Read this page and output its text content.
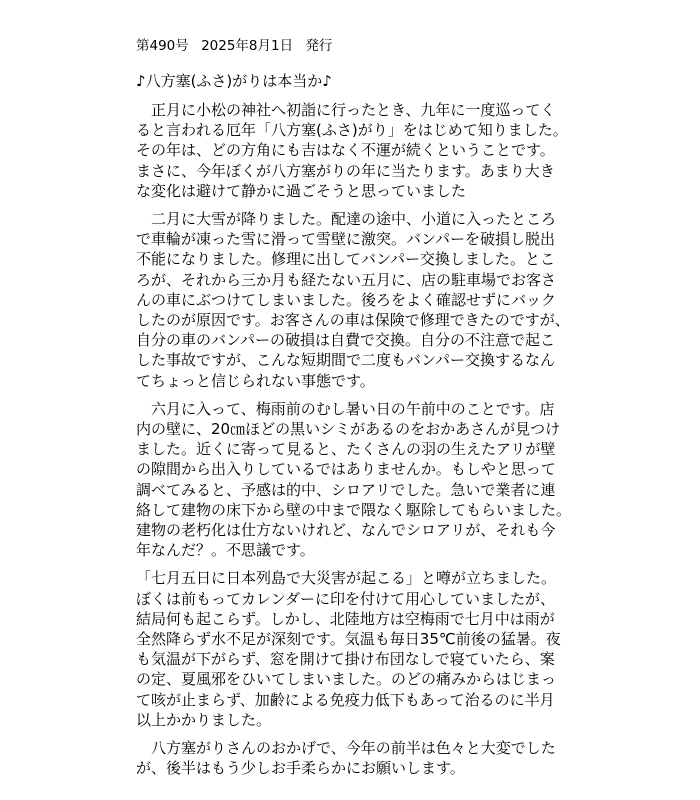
第490号 2025年8月1日 発行

♪八方塞(ふさ)がりは本当か♪

　正月に小松の神社へ初詣に行ったとき、九年に一度巡ってく
ると言われる厄年「八方塞(ふさ)がり」をはじめて知りました。
その年は、どの方角にも吉はなく不運が続くということです。
まさに、今年ぼくが八方塞がりの年に当たります。あまり大き
な変化は避けて静かに過ごそうと思っていました

　二月に大雪が降りました。配達の途中、小道に入ったところ
で車輪が凍った雪に滑って雪壁に激突。バンパーを破損し脱出
不能になりました。修理に出してバンパー交換しました。とこ
ろが、それから三か月も経たない五月に、店の駐車場でお客さ
んの車にぶつけてしまいました。後ろをよく確認せずにバック
したのが原因です。お客さんの車は保険で修理できたのですが、
自分の車のバンパーの破損は自費で交換。自分の不注意で起こ
した事故ですが、こんな短期間で二度もバンパー交換するなん
てちょっと信じられない事態です。

　六月に入って、梅雨前のむし暑い日の午前中のことです。店
内の壁に、20㎝ほどの黒いシミがあるのをおかあさんが見つけ
ました。近くに寄って見ると、たくさんの羽の生えたアリが壁
の隙間から出入りしているではありませんか。もしやと思って
調べてみると、予感は的中、シロアリでした。急いで業者に連
絡して建物の床下から壁の中まで隈なく駆除してもらいました。
建物の老朽化は仕方ないけれど、なんでシロアリが、それも今
年なんだ？。不思議です。

「七月五日に日本列島で大災害が起こる」と噂が立ちました。
ぼくは前もってカレンダーに印を付けて用心していましたが、
結局何も起こらず。しかし、北陸地方は空梅雨で七月中は雨が
全然降らず水不足が深刻です。気温も毎日35℃前後の猛暑。夜
も気温が下がらず、窓を開けて掛け布団なしで寝ていたら、案
の定、夏風邪をひいてしまいました。のどの痛みからはじまっ
て咳が止まらず、加齢による免疫力低下もあって治るのに半月
以上かかりました。

　八方塞がりさんのおかげで、今年の前半は色々と大変でした
が、後半はもう少しお手柔らかにお願いします。
